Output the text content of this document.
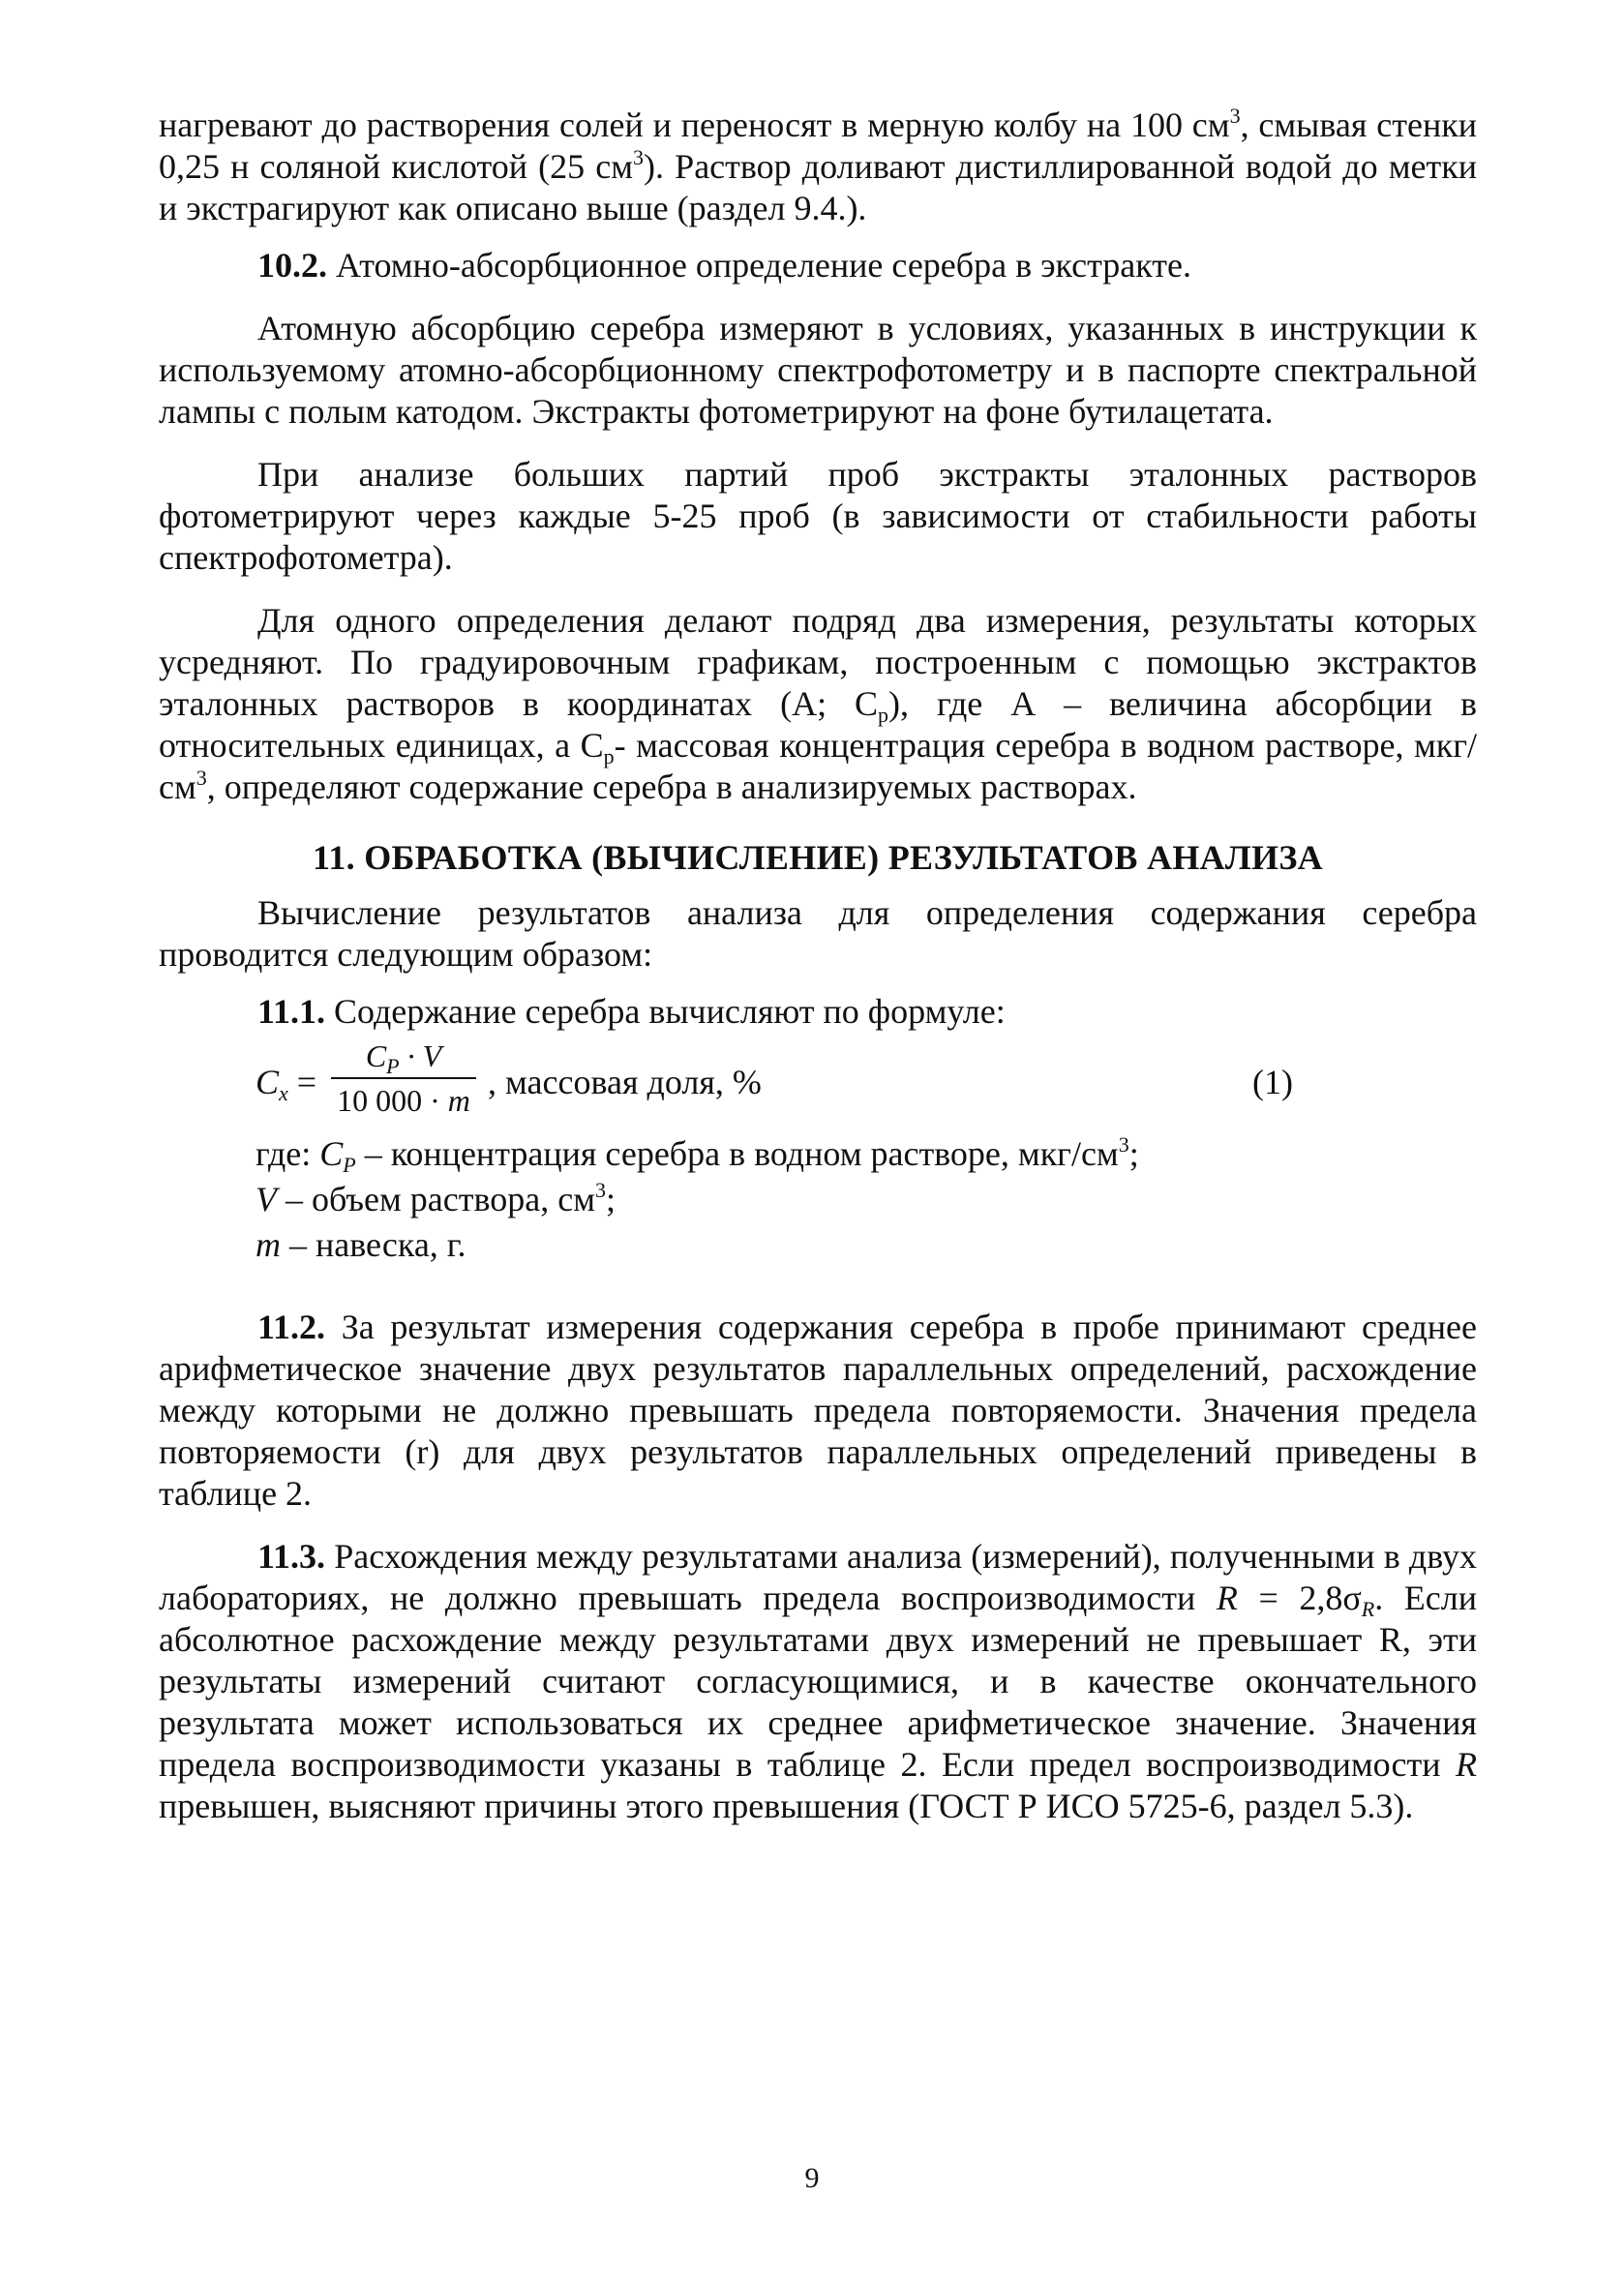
нагревают до растворения солей и переносят в мерную колбу на 100 $см^3$, смывая стенки 0,25 н соляной кислотой (25 $см^3$). Раствор доливают дистиллированной водой до метки и экстрагируют как описано выше (раздел 9.4.).

10.2. Атомно-абсорбционное определение серебра в экстракте.

Атомную абсорбцию серебра измеряют в условиях, указанных в инструкции к используемому атомно-абсорбционному спектрофотометру и в паспорте спектральной лампы с полым катодом. Экстракты фотометрируют на фоне бутилацетата.

При анализе больших партий проб экстракты эталонных растворов фотометрируют через каждые 5-25 проб (в зависимости от стабильности работы спектрофотометра).

Для одного определения делают подряд два измерения, результаты которых усредняют. По градуировочным графикам, построенным с помощью экстрактов эталонных растворов в координатах (А; $С_р$), где А – величина абсорбции в относительных единицах, а $С_р-$ массовая концентрация серебра в водном растворе, мкг/$см^3$, определяют содержание серебра в анализируемых растворах.

11. ОБРАБОТКА (ВЫЧИСЛЕНИЕ) РЕЗУЛЬТАТОВ АНАЛИЗА

Вычисление результатов анализа для определения содержания серебра проводится следующим образом:

11.1. Содержание серебра вычисляют по формуле:

$C_x$ =
$C_P \cdot V$
10 000 · m , массовая доля, %	(1)
где: $C_P$ – концентрация серебра в водном растворе, мкг/$см^3$;
V – объем раствора, $см^3$;
m – навеска, г.

11.2. За результат измерения содержания серебра в пробе принимают среднее арифметическое значение двух результатов параллельных определений, расхождение между которыми не должно превышать предела повторяемости. Значения предела повторяемости (r) для двух результатов параллельных определений приведены в таблице 2.

11.3. Расхождения между результатами анализа (измерений), полученными в двух лабораториях, не должно превышать предела воспроизводимости $R = 2,8\sigma_R$. Если абсолютное расхождение между результатами двух измерений не превышает R, эти результаты измерений считают согласующимися, и в качестве окончательного результата может использоваться их среднее арифметическое значение. Значения предела воспроизводимости указаны в таблице 2. Если предел воспроизводимости R превышен, выясняют причины этого превышения (ГОСТ Р ИСО 5725-6, раздел 5.3).

9
